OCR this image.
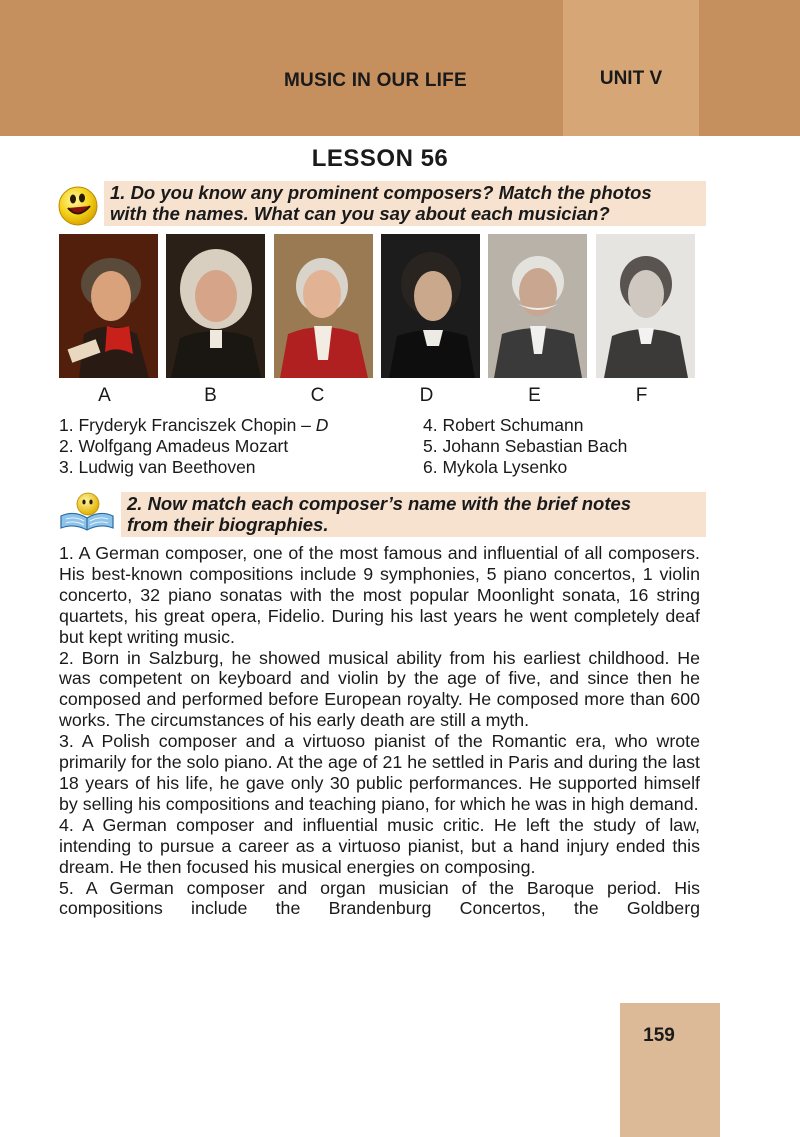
MUSIC IN OUR LIFE	UNIT V
LESSON 56
1. Do you know any prominent composers? Match the photos
with the names. What can you say about each musician?
A	B	C	D	E	F
1. Fryderyk Franciszek Chopin – D
2. Wolfgang Amadeus Mozart
3. Ludwig van Beethoven
4. Robert Schumann
5. Johann Sebastian Bach
6. Mykola Lysenko
2. Now match each composer’s name with the brief notes
from their biographies.

1. A German composer, one of the most famous and influential of all composers. His best-known compositions include 9 symphonies, 5 piano concertos, 1 violin concerto, 32 piano sonatas with the most popular Moonlight sonata, 16 string quartets, his great opera, Fidelio. During his last years he went completely deaf but kept writing music.

2. Born in Salzburg, he showed musical ability from his earliest childhood. He was competent on keyboard and violin by the age of five, and since then he composed and performed before European royalty. He composed more than 600 works. The circumstances of his early death are still a myth.

3. A Polish composer and a virtuoso pianist of the Romantic era, who wrote primarily for the solo piano. At the age of 21 he settled in Paris and during the last 18 years of his life, he gave only 30 public performances. He supported himself by selling his compositions and teaching piano, for which he was in high demand.

4. A German composer and influential music critic. He left the study of law, intending to pursue a career as a virtuoso pianist, but a hand injury ended this dream. He then focused his musical energies on composing.

5. A German composer and organ musician of the Baroque period. His compositions include the Brandenburg Concertos, the Goldberg

159
